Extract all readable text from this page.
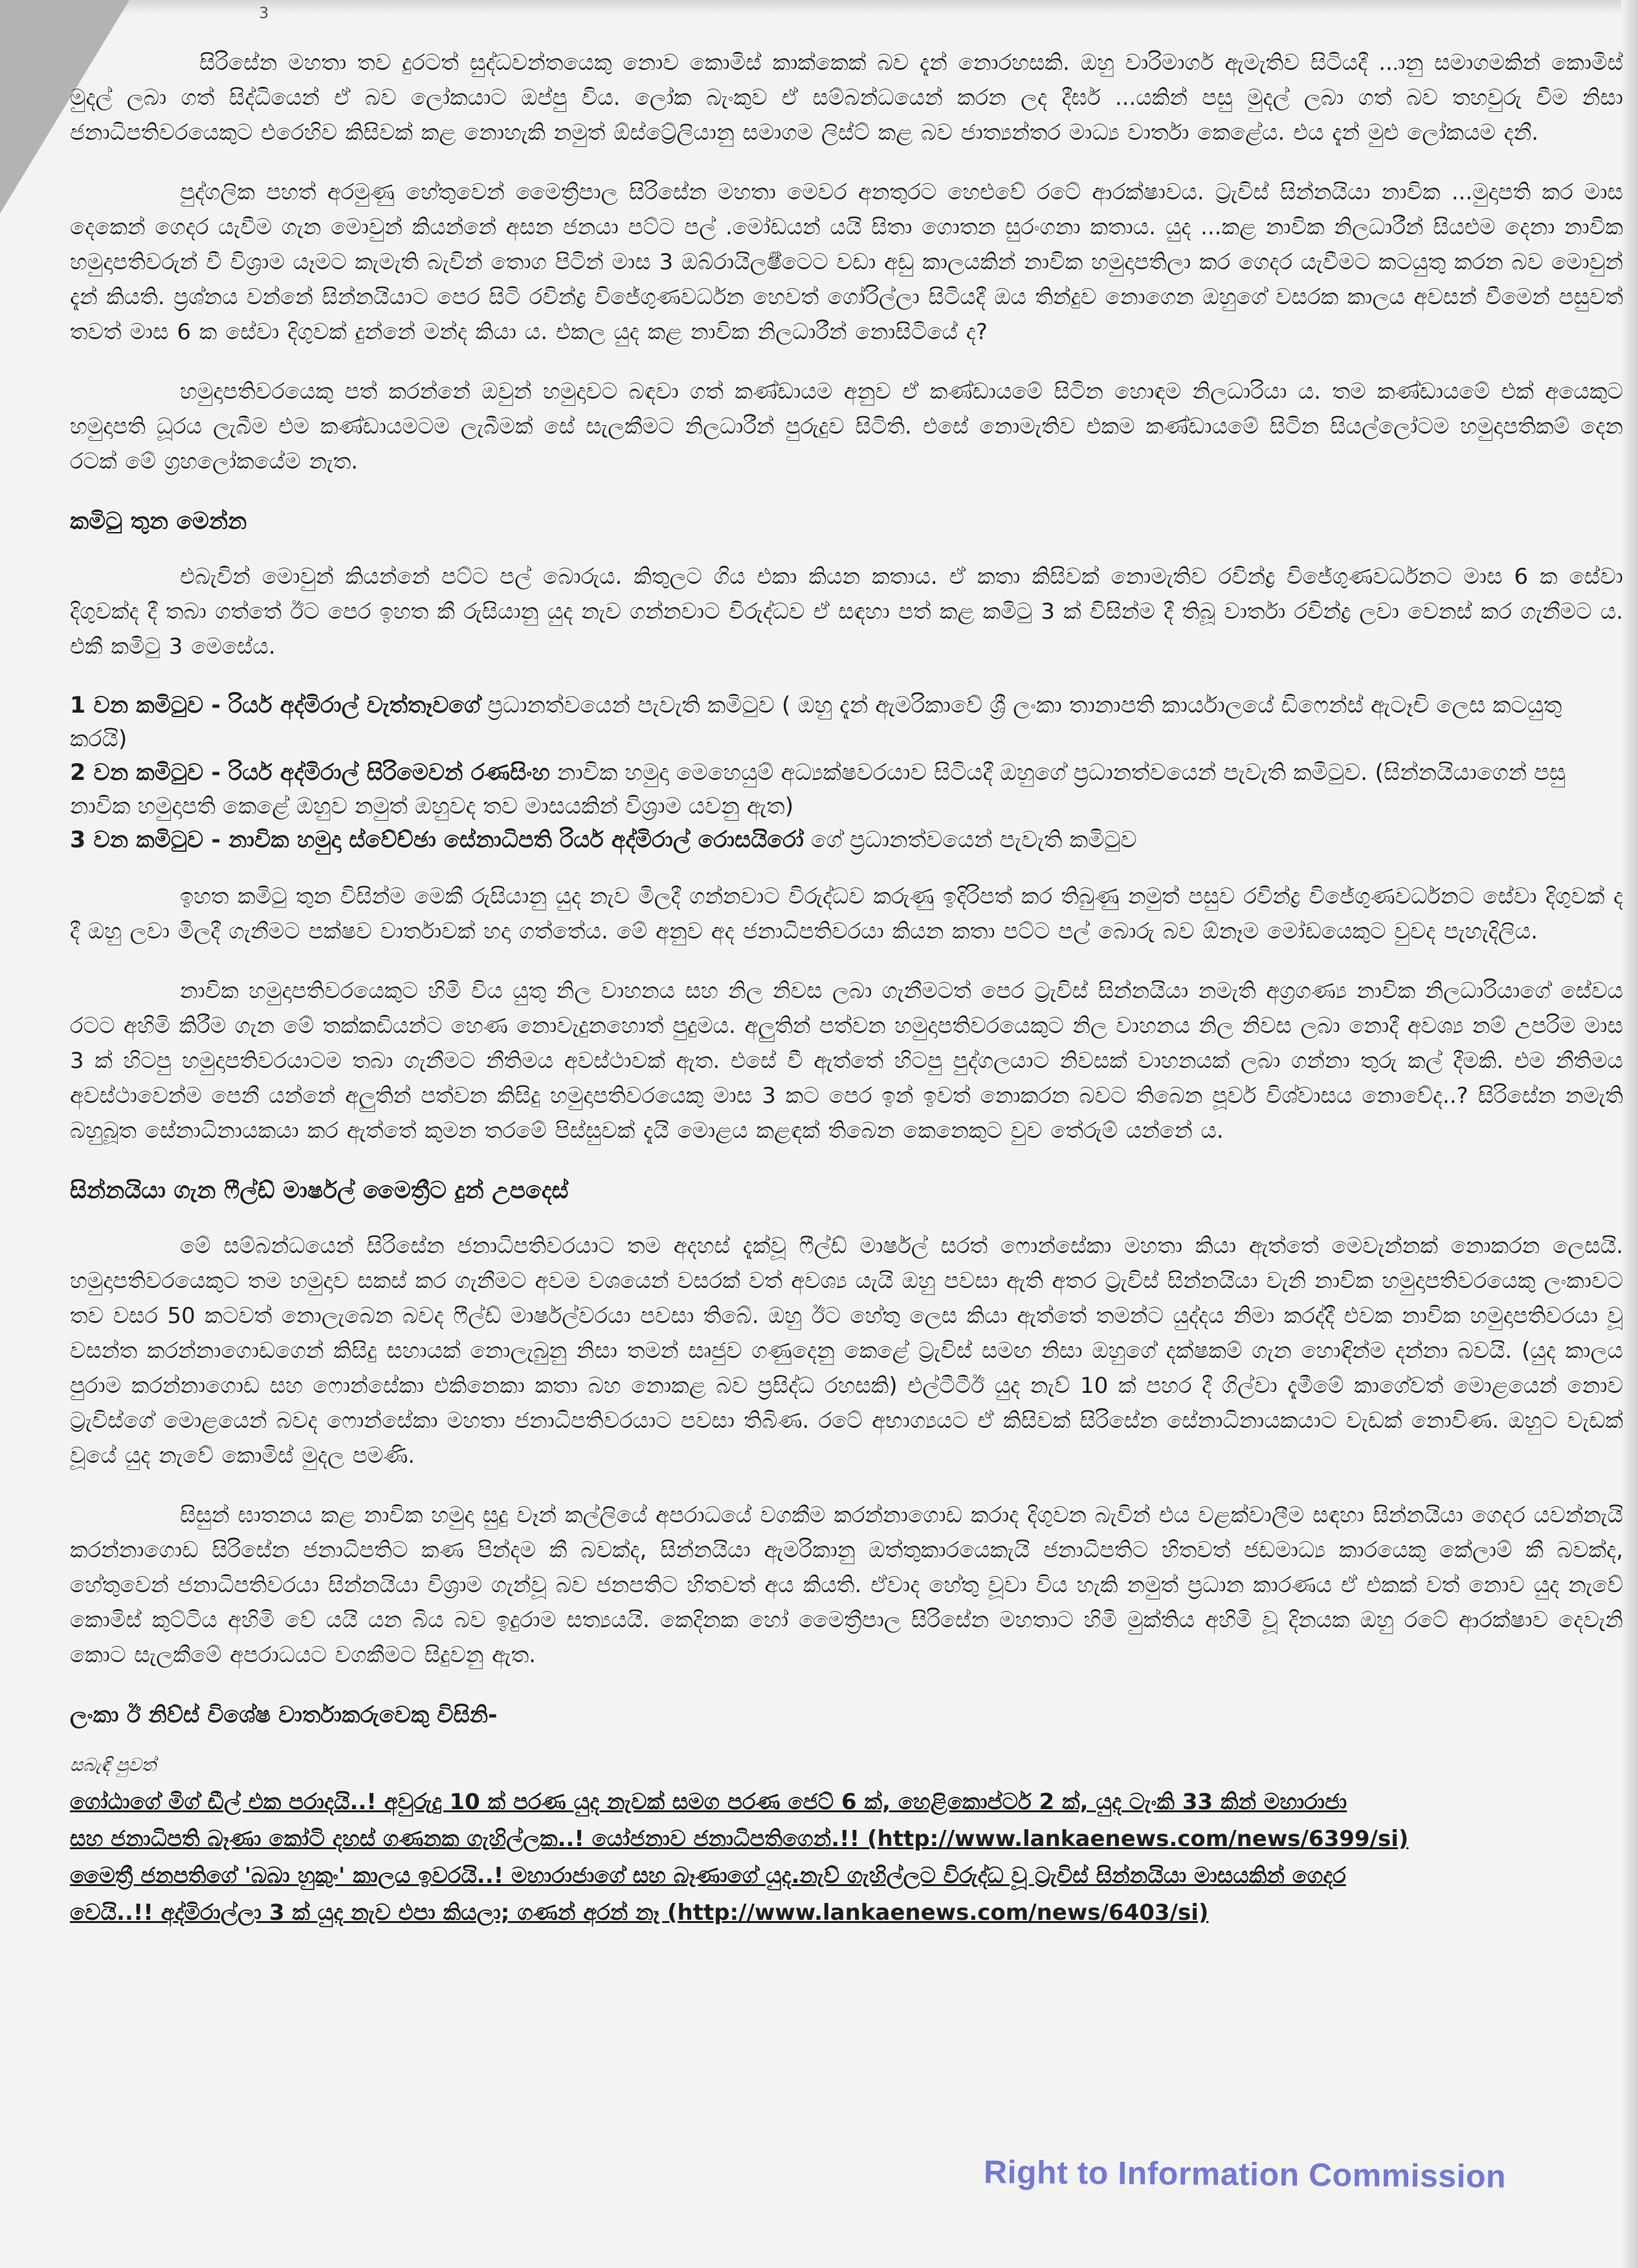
3

සිරිසේන මහතා තව දුරටත් සුද්ධවන්තයෙකු නොව කොමිස් කාක්කෙක් බව දැන් නොරහසකි. ඔහු වාරිමාර්ග ඇමැතිව සිටියදී ...ානු සමාගමකින් කොමිස් මුදල් ලබා ගත් සිද්ධියෙන් ඒ බව ලෝකයාට ඔප්පු විය. ලෝක බැංකුව ඒ සම්බන්ධයෙන් කරන ලද දීර්ඝ ...යකින් පසු මුදල් ලබා ගත් බව තහවුරු වීම නිසා ජනාධිපතිවරයෙකුට එරෙහිව කිසිවක් කළ නොහැකි නමුත් ඕස්ට්‍රේලියානු සමාගම ලිස්ට් කළ බව ජාත්‍යන්තර මාධ්‍ය වාර්තා කෙළේය. එය දැන් මුළු ලෝකයම දනී.

පුද්ගලික පහත් අරමුණු හේතුවෙන් මෛත්‍රීපාල සිරිසේන මහතා මෙවර අනතුරට හෙළුවේ රටේ ආරක්ෂාවය. ට්‍රැවිස් සින්නයියා නාවික ...මුදාපති කර මාස දෙකෙන් ගෙදර යැවීම ගැන මොවුන් කියන්නේ අසන ජනයා පට්ට පල් .මෝඩයන් යයි සිතා ගොතන සුරංගනා කතාය. යුද ...කළ නාවික නිලධාරීන් සියළුම දෙනා නාවික හමුදාපතිවරුන් වී විශ්‍රාම යෑමට කැමැති බැවින් තොග පිටින් මාස 3 ඔබ්රායිලර්‍ෂ්ටෙට වඩා අඩු කාලයකින් නාවික හමුදාපතිලා කර ගෙදර යැවීමට කටයුතු කරන බව මොවුන් දැන් කියති. ප්‍රශ්නය වන්නේ සින්නයියාට පෙර සිටි රවින්ද්‍ර විජේගුණවර්ධන හෙවත් ගෝරිල්ලා සිටියදී ඔය තින්දුව නොගෙන ඔහුගේ වසරක කාලය අවසන් වීමෙන් පසුවත් තවත් මාස 6 ක සේවා දිගුවක් දුන්නේ මන්ද කියා ය. එකල යුද කළ නාවික නිලධාරීන් නොසිටියේ ද?

හමුදාපතිවරයෙකු පත් කරන්නේ ඔවුන් හමුදාවට බඳවා ගත් කණ්ඩායම අනුව ඒ කණ්ඩායමේ සිටින හොඳම නිලධාරියා ය. තම කණ්ඩායමේ එක් අයෙකුට හමුදාපති ධූරය ලැබීම එම කණ්ඩායමටම ලැබීමක් සේ සැලකීමට නිලධාරීන් පුරුදුව සිටිති. එසේ නොමැතිව එකම කණ්ඩායමේ සිටින සියල්ලෝටම හමුදාපතිකම් දෙන රටක් මේ ග්‍රහලෝකයේම නැත.

කමිටු තුන මෙන්න

එබැවින් මොවුන් කියන්නේ පට්ට පල් බොරුය. කිතුලට ගිය එකා කියන කතාය. ඒ කතා කිසිවක් නොමැතිව රවින්ද්‍ර විජේගුණවර්ධනට මාස 6 ක සේවා දිගුවක්ද දී තබා ගත්තේ ඊට පෙර ඉහත කී රුසියානු යුද නැව ගන්නවාට විරුද්ධව ඒ සඳහා පත් කළ කමිටු 3 ක් විසින්ම දී තිබූ වාර්තා රවින්ද්‍ර ලවා වෙනස් කර ගැනීමට ය. එකී කමිටු 3 මෙසේය.

1 වන කමිටුව - රියර් අද්මිරාල් වැත්තෑවගේ ප්‍රධානත්වයෙන් පැවැති කමිටුව ( ඔහු දැන් ඇමරිකාවේ ශ්‍රී ලංකා තානාපති කාර්යාලයේ ඩිෆෙන්ස් ඇටෑචි ලෙස කටයුතු කරයි)
2 වන කමිටුව - රියර් අද්මිරාල් සිරිමෙවන් රණසිංහ නාවික හමුදා මෙහෙයුම් අධ්‍යක්ෂවරයාව සිටියදී ඔහුගේ ප්‍රධානත්වයෙන් පැවැති කමිටුව. (සින්නයියාගෙන් පසු නාවික හමුදාපති කෙළේ ඔහුව නමුත් ඔහුවද තව මාසයකින් විශ්‍රාම යවනු ඇත)
3 වන කමිටුව - නාවික හමුදා ස්වේච්ඡා සේනාධිපති රියර් අද්මිරාල් රොසයිරෝ ගේ ප්‍රධානත්වයෙන් පැවැති කමිටුව

ඉහත කමිටු තුන විසින්ම මෙකී රුසියානු යුද නැව මිලදී ගන්නවාට විරුද්ධව කරුණු ඉදිරිපත් කර තිබුණු නමුත් පසුව රවින්ද්‍ර විජේගුණවර්ධනට සේවා දිගුවක් ද දී ඔහු ලවා මිලදී ගැනීමට පක්ෂව වාර්තාවක් හදා ගත්තේය. මේ අනුව අද ජනාධිපතිවරයා කියන කතා පට්ට පල් බොරු බව ඕනෑම මෝඩයෙකුට වුවද පැහැදිලිය.

නාවික හමුදාපතිවරයෙකුට හිමි විය යුතු නිල වාහනය සහ නිල නිවස ලබා ගැනීමටත් පෙර ට්‍රැවිස් සින්නයියා නමැති අග්‍රගණ්‍ය නාවික නිලධාරියාගේ සේවය රටට අහිමි කිරීම ගැන මේ තක්කඩියන්ට හෙණ නොවැදුනහොත් පුදුමය. අලුතින් පත්වන හමුදාපතිවරයෙකුට නිල වාහනය නිල නිවස ලබා නොදී අවශ්‍ය නම් උපරිම මාස 3 ක් හිටපු හමුදාපතිවරයාටම තබා ගැනීමට නීතිමය අවස්ථාවක් ඇත. එසේ වී ඇත්තේ හිටපු පුද්ගලයාට නිවසක් වාහනයක් ලබා ගන්නා තුරු කල් දීමකි. එම නීතිමය අවස්ථාවෙන්ම පෙනී යන්නේ අලුතින් පත්වන කිසිදු හමුදාපතිවරයෙකු මාස 3 කට පෙර ඉන් ඉවත් නොකරන බවට තිබෙන පූර්ව විශ්වාසය නොවේද..? සිරිසේන නමැති බහුබූත සේනාධිනායකයා කර ඇත්තේ කුමන තරමේ පිස්සුවක් දැයි මොළය කළඳක් තිබෙන කෙනෙකුට වුව තේරුම් යන්නේ ය.

සින්නයියා ගැන ෆීල්ඩ් මාර්ෂල් මෛත්‍රීට දුන් උපදෙස්

මේ සම්බන්ධයෙන් සිරිසේන ජනාධිපතිවරයාට තම අදහස් දැක්වූ ෆීල්ඩ් මාර්ෂල් සරත් ෆොන්සේකා මහතා කියා ඇත්තේ මෙවැන්නක් නොකරන ලෙසයි. හමුදාපතිවරයෙකුට තම හමුදාව සකස් කර ගැනීමට අවම වශයෙන් වසරක් වත් අවශ්‍ය යැයි ඔහු පවසා ඇති අතර ට්‍රැවිස් සින්නයියා වැනි නාවික හමුදාපතිවරයෙකු ලංකාවට තව වසර 50 කටවත් නොලැබෙන බවද ෆීල්ඩ් මාර්ෂල්වරයා පවසා තිබේ. ඔහු ඊට හේතු ලෙස කියා ඇත්තේ තමන්ට යුද්දය නිමා කරද්දී එවක නාවික හමුදාපතිවරයා වූ වසන්ත කරන්නාගොඩගෙන් කිසිදු සහායක් නොලැබුනු නිසා තමන් සෘජුව ගණුදෙනු කෙළේ ට්‍රැවිස් සමඟ නිසා ඔහුගේ දක්ෂකම් ගැන හොඳින්ම දන්නා බවයි. (යුද කාලය පුරාම කරන්නාගොඩ සහ ෆොන්සේකා එකිනෙකා කතා බහ නොකළ බව ප්‍රසිද්ධ රහසකි) එල්ටීටීඊ යුද නැව් 10 ක් පහර දී ගිල්වා දැමීමේ කාගේවත් මොළයෙන් නොව ට්‍රැවිස්ගේ මොළයෙන් බවද ෆොන්සේකා මහතා ජනාධිපතිවරයාට පවසා තිබිණ. රටේ අභාග්‍යයට ඒ කිසිවක් සිරිසේන සේනාධිනායකයාට වැඩක් නොවිණ. ඔහුට වැඩක් වූයේ යුද නැවේ කොමිස් මුදල පමණි.

සිසුන් ඝාතනය කළ නාවික හමුදා සුදු වෑන් කල්ලියේ අපරාධයේ වගකීම කරන්නාගොඩ කරාද දිගුවන බැවින් එය වළක්වාලීම සඳහා සින්නයියා ගෙදර යවන්නැයි කරන්නාගොඩ සිරිසේන ජනාධිපතිට කණ පින්දම කී බවක්ද, සින්නයියා ඇමරිකානු ඔත්තුකාරයෙකැයි ජනාධිපතිට හිතවත් ජඩමාධ්‍ය කාරයෙකු කේලාම් කී බවක්ද, හේතුවෙන් ජනාධිපතිවරයා සින්නයියා විශ්‍රාම ගැන්වූ බව ජනපතිට හිතවත් අය කියති. ඒවාද හේතු වූවා විය හැකි නමුත් ප්‍රධාන කාරණය ඒ එකක් වත් නොව යුද නැවේ කොමිස් කුට්ටිය අහිමි වේ යයි යන බිය බව ඉදුරාම සත්‍යයයි. කෙදිනක හෝ මෛත්‍රීපාල සිරිසේන මහතාට හිමි මුක්තිය අහිමි වූ දිනයක ඔහු රටේ ආරක්ෂාව දෙවැනි කොට සැලකීමේ අපරාධයට වගකීමට සිදුවනු ඇත.

ලංකා ඊ නිව්ස් විශේෂ වාර්තාකරුවෙකු විසිනි-
සබැඳි පුවත්
ගෝඨාගේ මිග් ඩීල් එක පරාදයි..! අවුරුදු 10 ක් පරණ යුද නැවක් සමග පරණ ජෙට් 6 ක්, හෙළිකොප්ටර් 2 ක්, යුද ටැංකි 33 කින් මහාරාජා
සහ ජනාධිපති බෑණා කෝටි දහස් ගණනක ගැහිල්ලක..! යෝජනාව ජනාධිපතිගෙන්.!! (http://www.lankaenews.com/news/6399/si)
මෛත්‍රී ජනපතිගේ 'බබා හුකුං' කාලය ඉවරයි..! මහාරාජාගේ සහ බෑණාගේ යුද.නැව් ගැහිල්ලට විරුද්ධ වූ ට්‍රැවිස් සින්නයියා මාසයකින් ගෙදර
වෙයි..!! අද්මිරාල්ලා 3 ක් යුද නැව එපා කියලා; ගණන් අරන් නෑ (http://www.lankaenews.com/news/6403/si)
Right to Information Commission
